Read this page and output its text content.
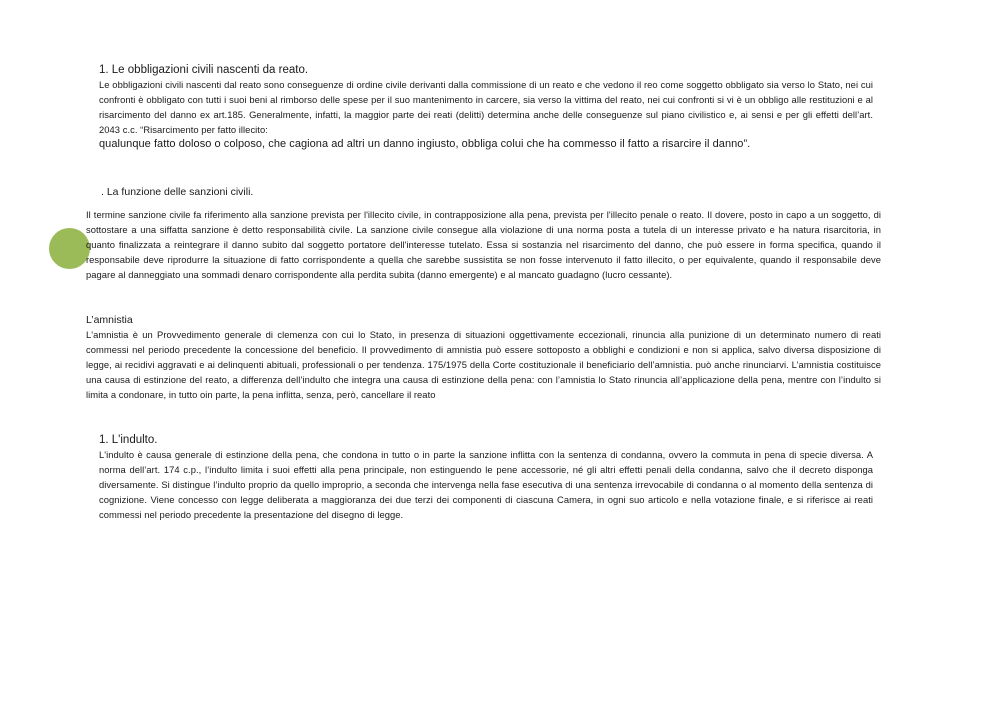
1. Le obbligazioni civili nascenti da reato.

Le obbligazioni civili nascenti dal reato sono conseguenze di ordine civile derivanti dalla commissione di un reato e che vedono il reo come soggetto obbligato sia verso lo Stato, nei cui confronti è obbligato con tutti i suoi beni al rimborso delle spese per il suo mantenimento in carcere, sia verso la vittima del reato, nei cui confronti si vi è un obbligo alle restituzioni e al risarcimento del danno ex art.185. Generalmente, infatti, la maggior parte dei reati (delitti) determina anche delle conseguenze sul piano civilistico e, ai sensi e per gli effetti dell’art. 2043 c.c. “Risarcimento per fatto illecito:

qualunque fatto doloso o colposo, che cagiona ad altri un danno ingiusto, obbliga colui che ha commesso il fatto a risarcire il danno”.

. La funzione delle sanzioni civili.

Il termine sanzione civile fa riferimento alla sanzione prevista per l'illecito civile, in contrapposizione alla pena, prevista per l'illecito penale o reato. Il dovere, posto in capo a un soggetto, di sottostare a una siffatta sanzione è detto responsabilità civile. La sanzione civile consegue alla violazione di una norma posta a tutela di un interesse privato e ha natura risarcitoria, in quanto finalizzata a reintegrare il danno subito dal soggetto portatore dell'interesse tutelato. Essa si sostanzia nel risarcimento del danno, che può essere in forma specifica, quando il responsabile deve riprodurre la situazione di fatto corrispondente a quella che sarebbe sussistita se non fosse intervenuto il fatto illecito, o per equivalente, quando il responsabile deve pagare al danneggiato una sommadi denaro corrispondente alla perdita subita (danno emergente) e al mancato guadagno (lucro cessante).

L’amnistia

L'amnistia è un Provvedimento generale di clemenza con cui lo Stato, in presenza di situazioni oggettivamente eccezionali, rinuncia alla punizione di un determinato numero di reati commessi nel periodo precedente la concessione del beneficio. Il provvedimento di amnistia può essere sottoposto a obblighi e condizioni e non si applica, salvo diversa disposizione di legge, ai recidivi aggravati e ai delinquenti abituali, professionali o per tendenza. 175/1975 della Corte costituzionale il beneficiario dell’amnistia. può anche rinunciarvi. L’amnistia costituisce una causa di estinzione del reato, a differenza dell’indulto che integra una causa di estinzione della pena: con l’amnistia lo Stato rinuncia all’applicazione della pena, mentre con l’indulto si limita a condonare, in tutto oin parte, la pena inflitta, senza, però, cancellare il reato

1. L'indulto.

L'indulto è causa generale di estinzione della pena, che condona in tutto o in parte la sanzione inflitta con la sentenza di condanna, ovvero la commuta in pena di specie diversa. A norma dell’art. 174 c.p., l’indulto limita i suoi effetti alla pena principale, non estinguendo le pene accessorie, né gli altri effetti penali della condanna, salvo che il decreto disponga diversamente. Si distingue l’indulto proprio da quello improprio, a seconda che intervenga nella fase esecutiva di una sentenza irrevocabile di condanna o al momento della sentenza di cognizione. Viene concesso con legge deliberata a maggioranza dei due terzi dei componenti di ciascuna Camera, in ogni suo articolo e nella votazione finale, e si riferisce ai reati commessi nel periodo precedente la presentazione del disegno di legge.
